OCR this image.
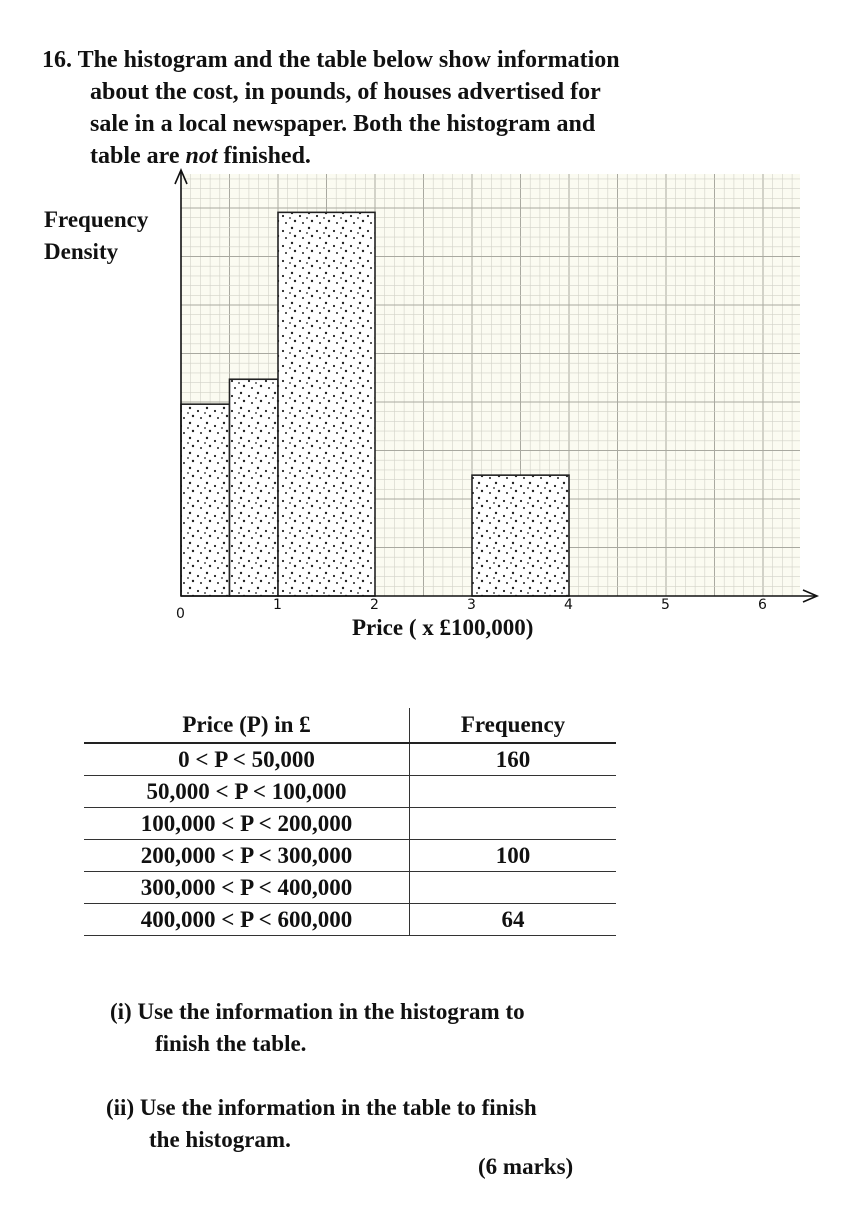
16. The histogram and the table below show information
about the cost, in pounds, of houses advertised for
sale in a local newspaper. Both the histogram and
table are not finished.
Frequency
Density
Price ( x £100,000)
0
1	2	3	4	5	6
Price (P) in £	Frequency
0 < P < 50,000	160
50,000 < P < 100,000	
100,000 < P < 200,000	
200,000 < P < 300,000	100
300,000 < P < 400,000	
400,000 < P < 600,000	64
(i) Use the information in the histogram to
finish the table.
(ii) Use the information in the table to finish
the histogram.
(6 marks)
